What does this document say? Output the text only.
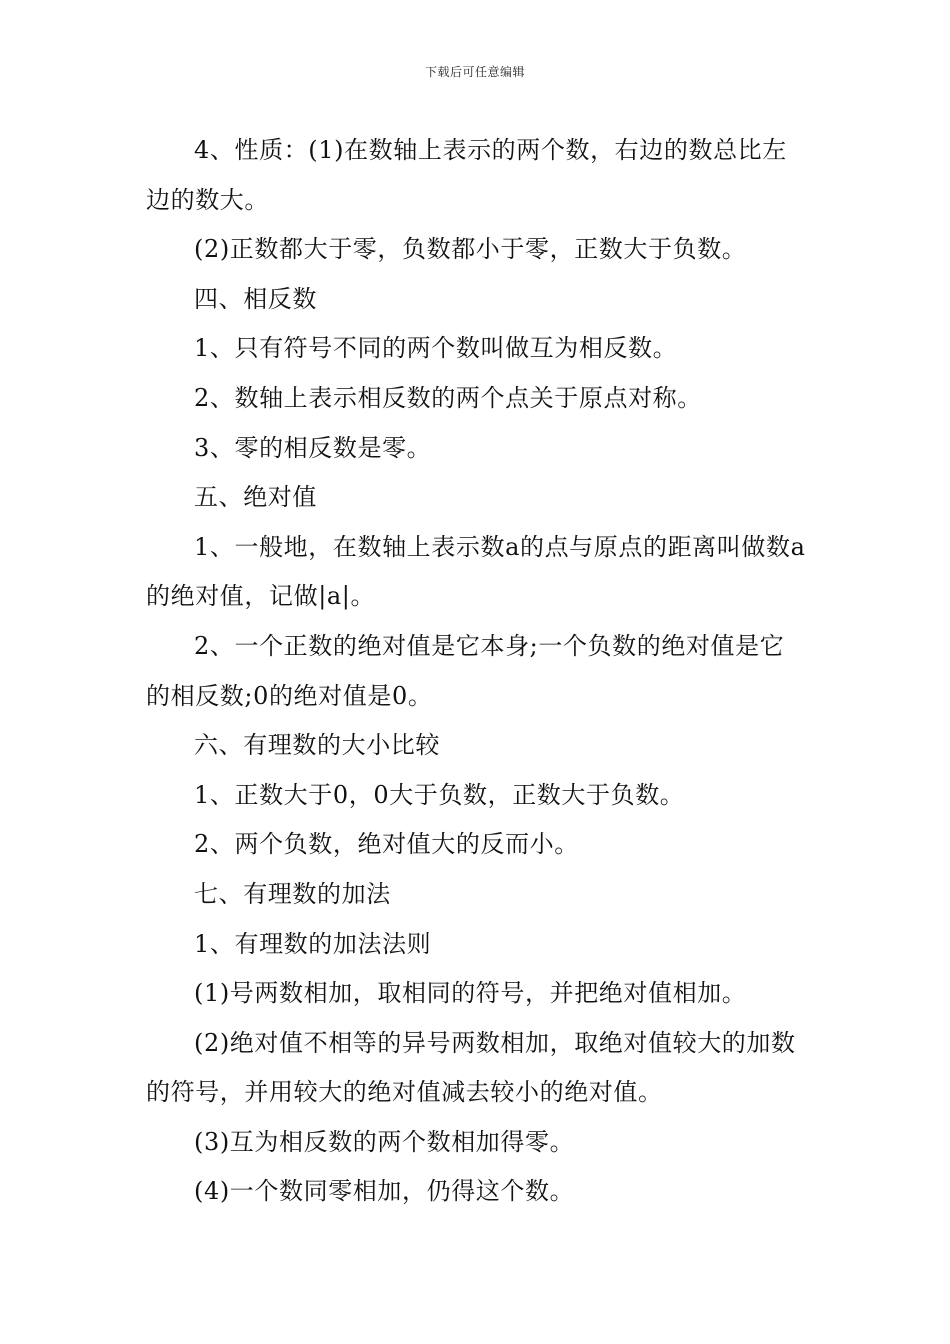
下载后可任意编辑

4、性质：(1)在数轴上表示的两个数，右边的数总比左边的数大。

(2)正数都大于零，负数都小于零，正数大于负数。

四、相反数

1、只有符号不同的两个数叫做互为相反数。

2、数轴上表示相反数的两个点关于原点对称。

3、零的相反数是零。

五、绝对值

1、一般地，在数轴上表示数a的点与原点的距离叫做数a的绝对值，记做|a|。

2、一个正数的绝对值是它本身;一个负数的绝对值是它的相反数;0的绝对值是0。

六、有理数的大小比较

1、正数大于0，0大于负数，正数大于负数。

2、两个负数，绝对值大的反而小。

七、有理数的加法

1、有理数的加法法则

(1)号两数相加，取相同的符号，并把绝对值相加。

(2)绝对值不相等的异号两数相加，取绝对值较大的加数的符号，并用较大的绝对值减去较小的绝对值。

(3)互为相反数的两个数相加得零。

(4)一个数同零相加，仍得这个数。
